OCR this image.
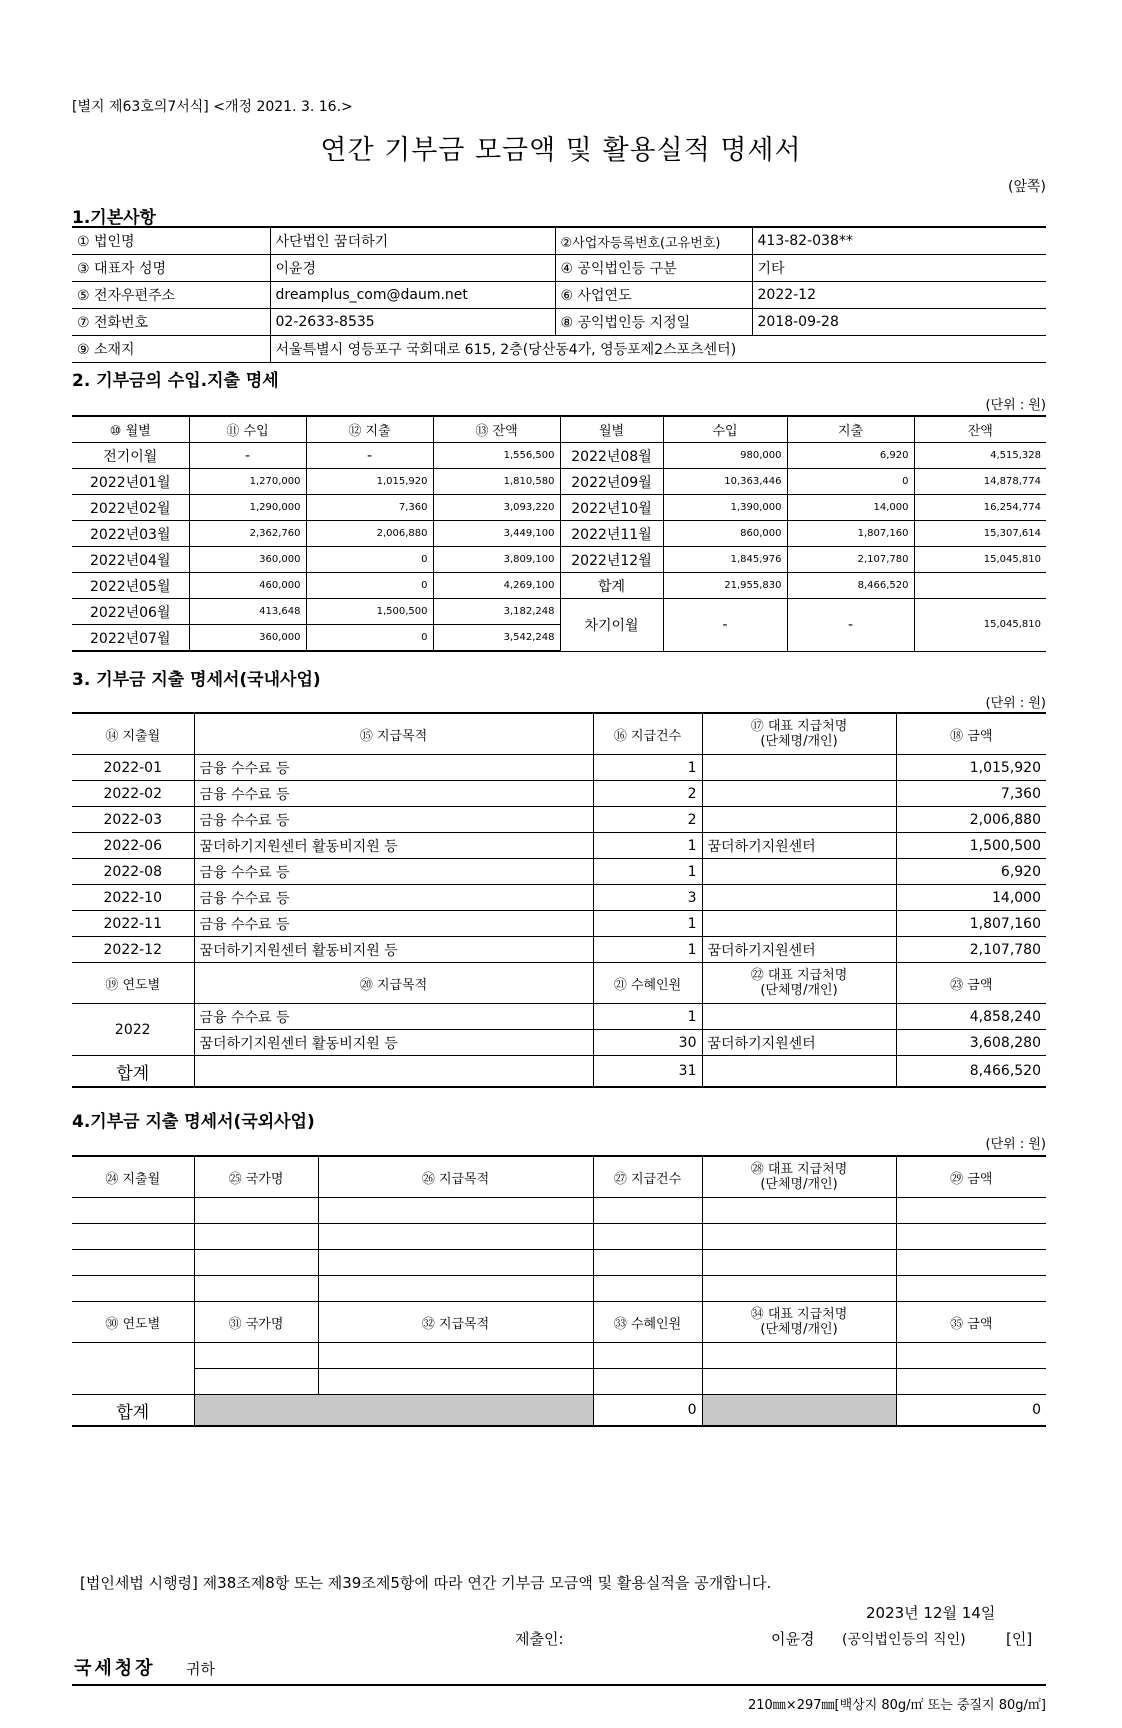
[별지 제63호의7서식] <개정 2021. 3. 16.>
연간 기부금 모금액 및 활용실적 명세서
(앞쪽)
1.기본사항
① 법인명	사단법인 꿈더하기	②사업자등록번호(고유번호)	413-82-038**
③ 대표자 성명	이윤경	④ 공익법인등 구분	기타
⑤ 전자우편주소	dreamplus_com@daum.net	⑥ 사업연도	2022-12
⑦ 전화번호	02-2633-8535	⑧ 공익법인등 지정일	2018-09-28
⑨ 소재지	서울특별시 영등포구 국회대로 615, 2층(당산동4가, 영등포제2스포츠센터)		
2. 기부금의 수입.지출 명세
(단위 : 원)
⑩ 월별	⑪ 수입	⑫ 지출	⑬ 잔액	월별	수입	지출	잔액
전기이월	-	-	1,556,500	2022년08월	980,000	6,920	4,515,328
2022년01월	1,270,000	1,015,920	1,810,580	2022년09월	10,363,446	0	14,878,774
2022년02월	1,290,000	7,360	3,093,220	2022년10월	1,390,000	14,000	16,254,774
2022년03월	2,362,760	2,006,880	3,449,100	2022년11월	860,000	1,807,160	15,307,614
2022년04월	360,000	0	3,809,100	2022년12월	1,845,976	2,107,780	15,045,810
2022년05월	460,000	0	4,269,100	합계	21,955,830	8,466,520	
2022년06월	413,648	1,500,500	3,182,248	차기이월	-	-	15,045,810
2022년07월	360,000	0	3,542,248				
3. 기부금 지출 명세서(국내사업)
(단위 : 원)
⑭ 지출월	⑮ 지급목적	⑯ 지급건수	⑰ 대표 지급처명
(단체명/개인)	⑱ 금액
2022-01	금융 수수료 등	1		1,015,920
2022-02	금융 수수료 등	2		7,360
2022-03	금융 수수료 등	2		2,006,880
2022-06	꿈더하기지원센터 활동비지원 등	1	꿈더하기지원센터	1,500,500
2022-08	금융 수수료 등	1		6,920
2022-10	금융 수수료 등	3		14,000
2022-11	금융 수수료 등	1		1,807,160
2022-12	꿈더하기지원센터 활동비지원 등	1	꿈더하기지원센터	2,107,780
⑲ 연도별	⑳ 지급목적	㉑ 수혜인원	㉒ 대표 지급처명
(단체명/개인)	㉓ 금액
2022	금융 수수료 등	1		4,858,240
	꿈더하기지원센터 활동비지원 등	30	꿈더하기지원센터	3,608,280
합계		31		8,466,520
4.기부금 지출 명세서(국외사업)
(단위 : 원)
㉔ 지출월	㉕ 국가명	㉖ 지급목적	㉗ 지급건수	㉘ 대표 지급처명
(단체명/개인)	㉙ 금액

㉚ 연도별	㉛ 국가명	㉜ 지급목적	㉝ 수혜인원	㉞ 대표 지급처명
(단체명/개인)	㉟ 금액

합계			0		0
[법인세법 시행령] 제38조제8항 또는 제39조제5항에 따라 연간 기부금 모금액 및 활용실적을 공개합니다.
2023년 12월 14일
제출인:	이윤경 (공익법인등의 직인)	[인]
국세청장 귀하
210㎜×297㎜[백상지 80g/㎡ 또는 중질지 80g/㎡]
